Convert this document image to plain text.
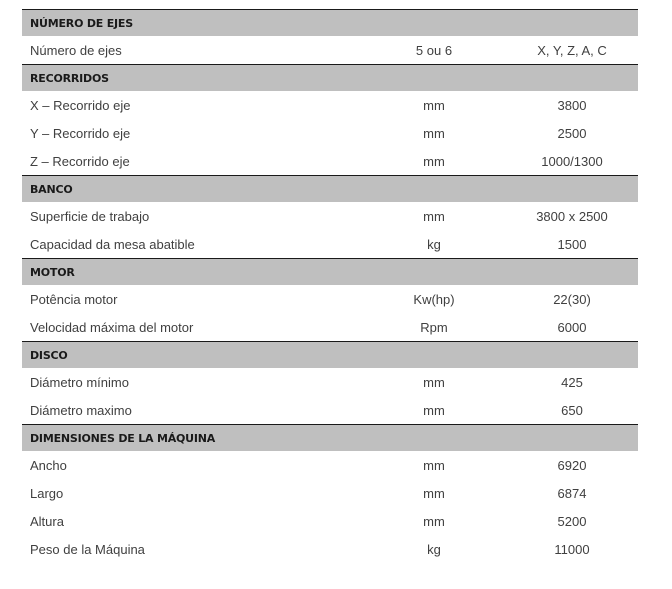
NÚMERO DE EJES
Número de ejes	5 ou 6	X, Y, Z, A, C
RECORRIDOS
X – Recorrido eje	mm	3800
Y – Recorrido eje	mm	2500
Z – Recorrido eje	mm	1000/1300
BANCO
Superficie de trabajo	mm	3800 x 2500
Capacidad da mesa abatible	kg	1500
MOTOR
Potência motor	Kw(hp)	22(30)
Velocidad máxima del motor	Rpm	6000
DISCO
Diámetro mínimo	mm	425
Diámetro maximo	mm	650
DIMENSIONES DE LA MÁQUINA
Ancho	mm	6920
Largo	mm	6874
Altura	mm	5200
Peso de la Máquina	kg	11000
